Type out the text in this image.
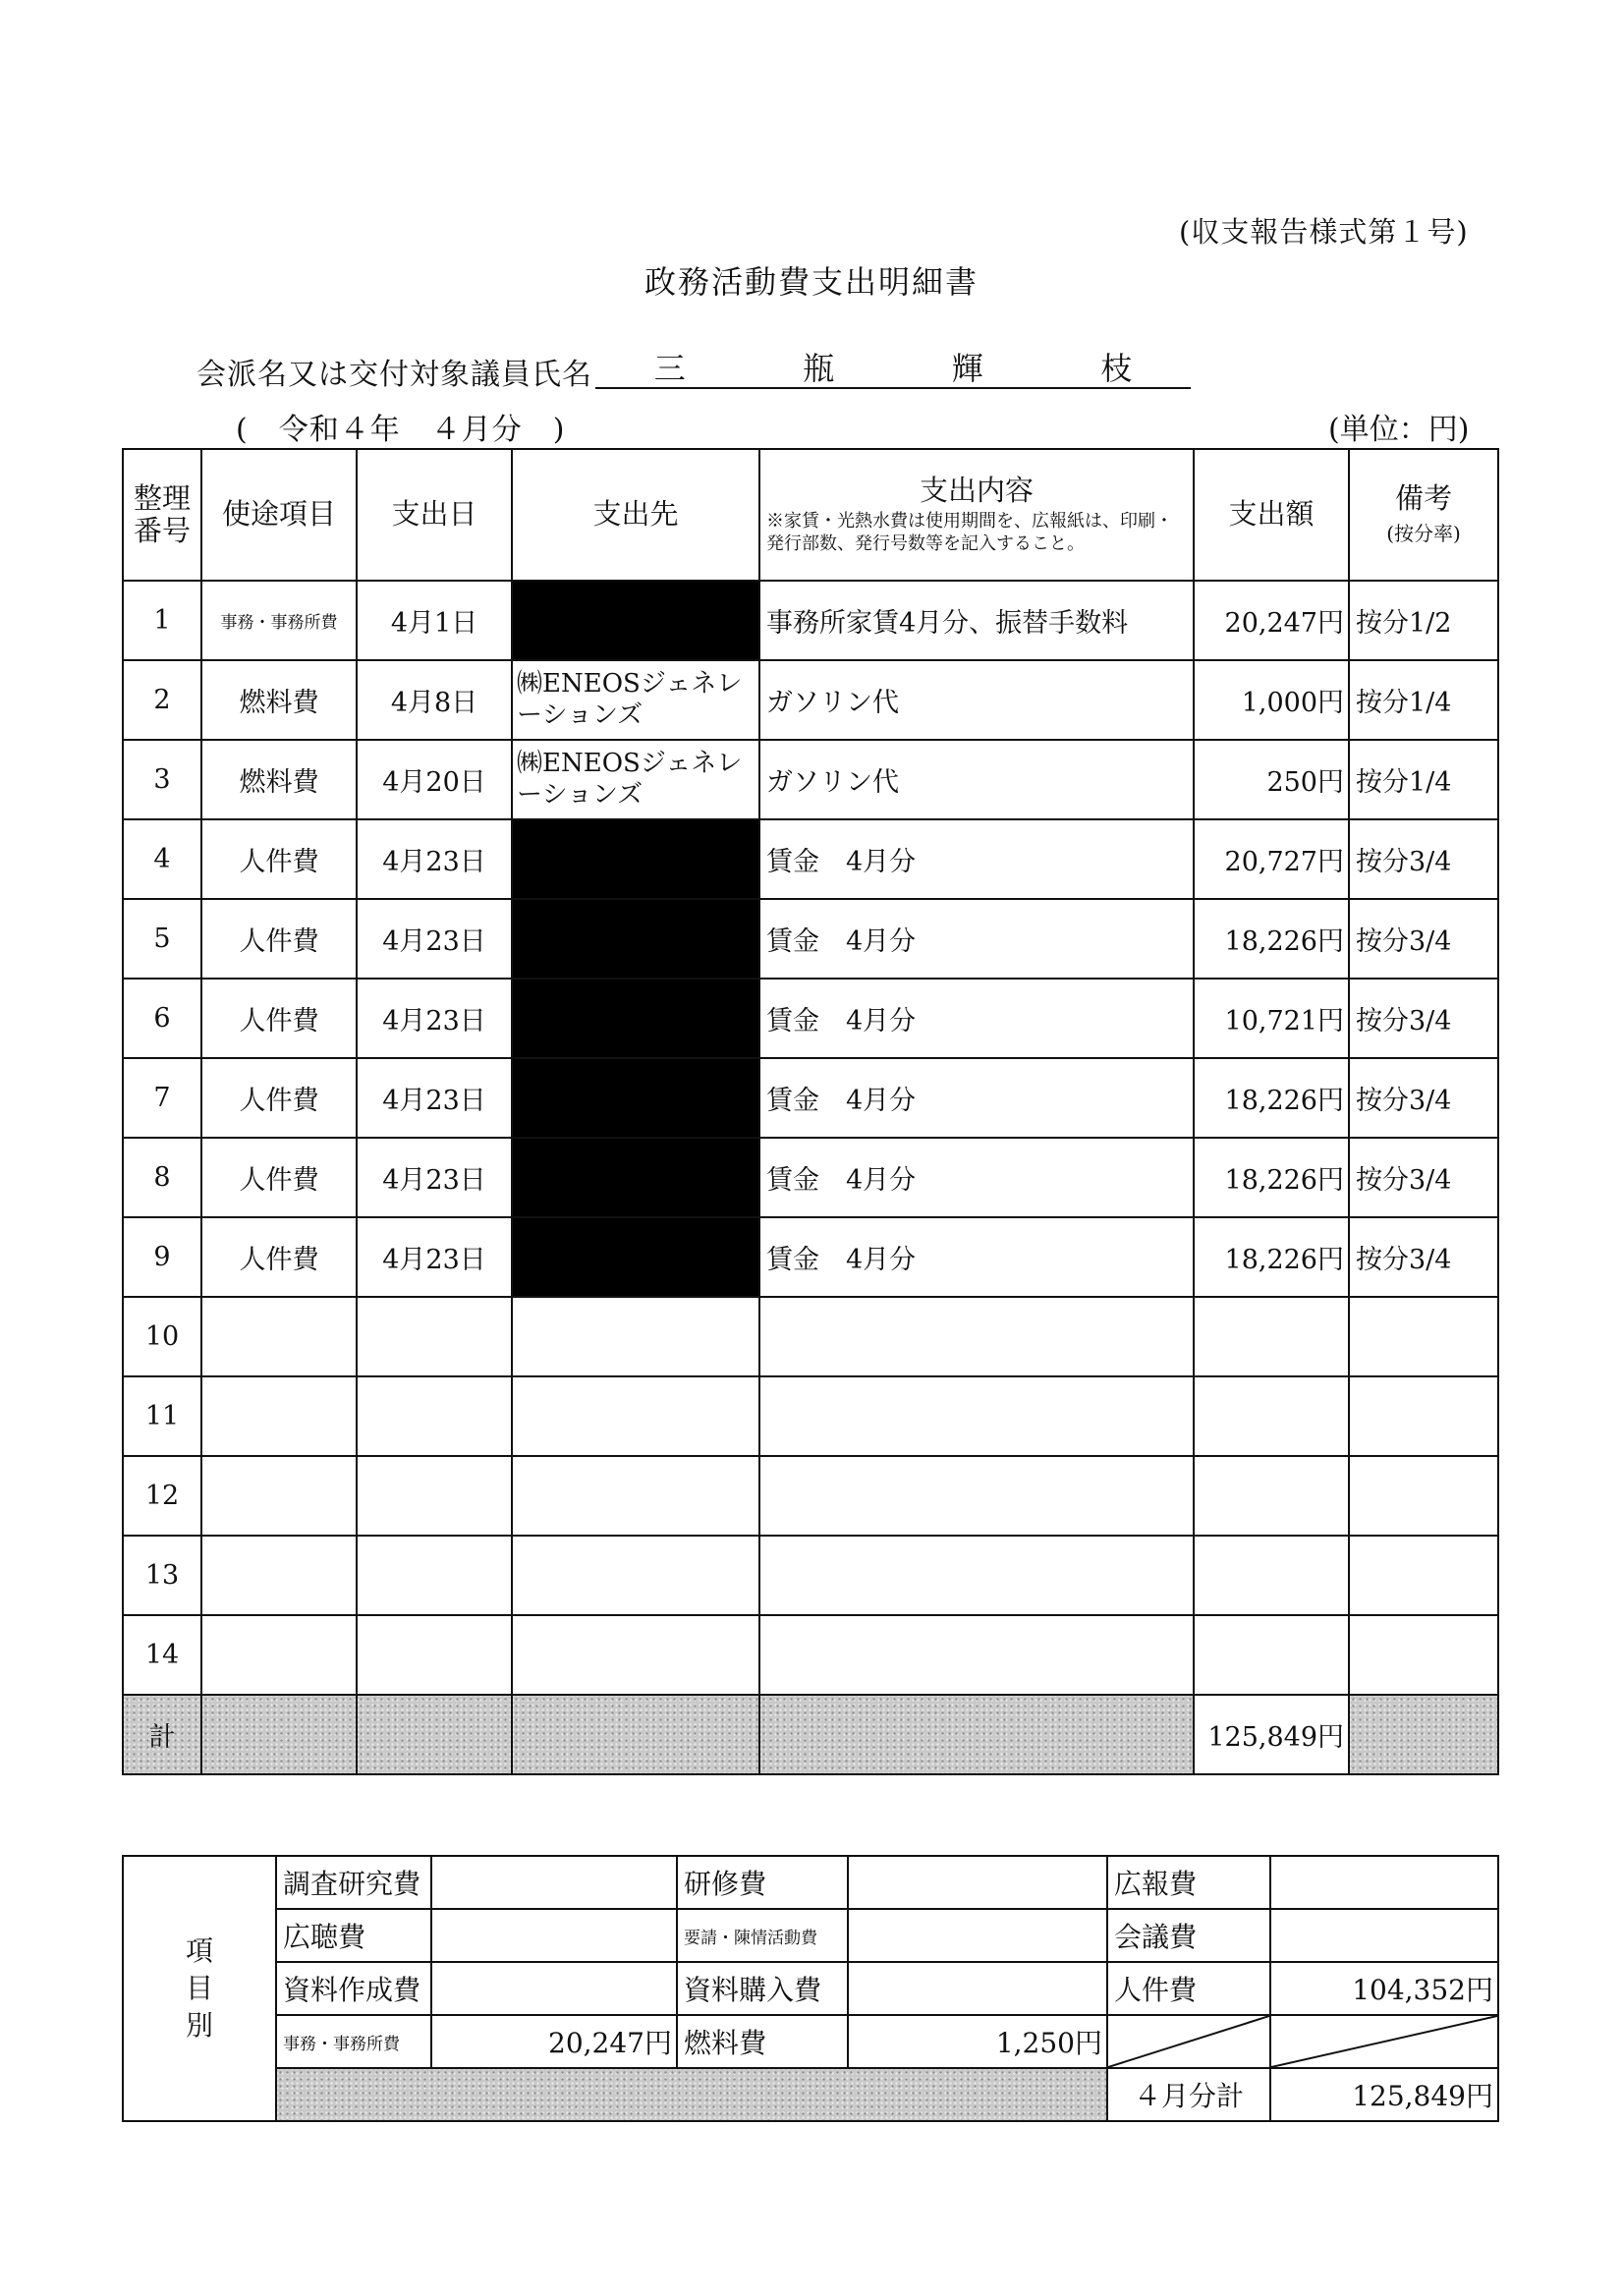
(収支報告様式第１号)
政務活動費支出明細書
会派名又は交付対象議員氏名 三	瓶	輝	枝
(　令和４年　４月分　)	(単位：円)
整理番号	使途項目	支出日	支出先	支出内容
※家賃・光熱水費は使用期間を、広報紙は、印刷・発行部数、発行号数等を記入すること。	支出額	備考
(按分率)
1	事務・事務所費	4月1日		事務所家賃4月分、振替手数料	20,247円	按分1/2
2	燃料費	4月8日	㈱ENEOSジェネレーションズ	ガソリン代	1,000円	按分1/4
3	燃料費	4月20日	㈱ENEOSジェネレーションズ	ガソリン代	250円	按分1/4
4	人件費	4月23日		賃金　4月分	20,727円	按分3/4
5	人件費	4月23日		賃金　4月分	18,226円	按分3/4
6	人件費	4月23日		賃金　4月分	10,721円	按分3/4
7	人件費	4月23日		賃金　4月分	18,226円	按分3/4
8	人件費	4月23日		賃金　4月分	18,226円	按分3/4
9	人件費	4月23日		賃金　4月分	18,226円	按分3/4
10						
11						
12						
13						
14						
計					125,849円	
項
目
別	調査研究費		研修費		広報費	
	広聴費		要請・陳情活動費		会議費	
	資料作成費		資料購入費		人件費	104,352円
	事務・事務所費	20,247円	燃料費	1,250円	

					４月分計	125,849円
